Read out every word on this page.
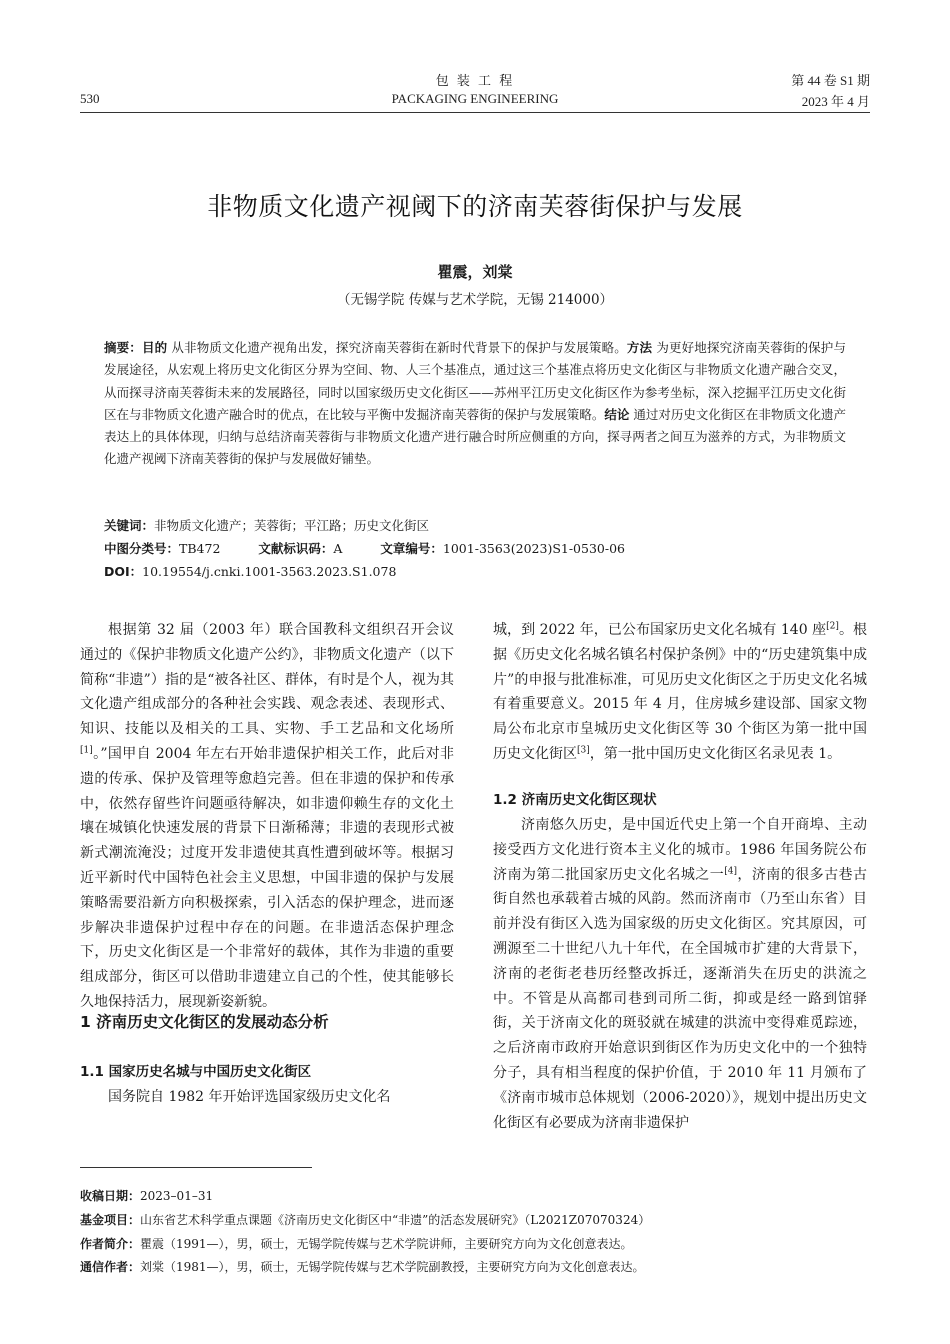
包 装 工 程	第 44 卷 S1 期
530	PACKAGING ENGINEERING	2023 年 4 月
非物质文化遗产视阈下的济南芙蓉街保护与发展
瞿震，刘棠
（无锡学院 传媒与艺术学院，无锡 214000）
摘要：目的 从非物质文化遗产视角出发，探究济南芙蓉街在新时代背景下的保护与发展策略。方法 为更好地探究济南芙蓉街的保护与发展途径，从宏观上将历史文化街区分界为空间、物、人三个基准点，通过这三个基准点将历史文化街区与非物质文化遗产融合交叉，从而探寻济南芙蓉街未来的发展路径，同时以国家级历史文化街区——苏州平江历史文化街区作为参考坐标，深入挖掘平江历史文化街区在与非物质文化遗产融合时的优点，在比较与平衡中发掘济南芙蓉街的保护与发展策略。结论 通过对历史文化街区在非物质文化遗产表达上的具体体现，归纳与总结济南芙蓉街与非物质文化遗产进行融合时所应侧重的方向，探寻两者之间互为滋养的方式，为非物质文化遗产视阈下济南芙蓉街的保护与发展做好铺垫。
关键词：非物质文化遗产；芙蓉街；平江路；历史文化街区
中图分类号：TB472	文献标识码：A	文章编号：1001-3563(2023)S1-0530-06
DOI：10.19554/j.cnki.1001-3563.2023.S1.078

根据第 32 届（2003 年）联合国教科文组织召开会议通过的《保护非物质文化遗产公约》，非物质文化遗产（以下简称“非遗”）指的是“被各社区、群体，有时是个人，视为其文化遗产组成部分的各种社会实践、观念表述、表现形式、知识、技能以及相关的工具、实物、手工艺品和文化场所[1]。”国甲自 2004 年左右开始非遗保护相关工作，此后对非遗的传承、保护及管理等愈趋完善。但在非遗的保护和传承中，依然存留些许问题亟待解决，如非遗仰赖生存的文化土壤在城镇化快速发展的背景下日渐稀薄；非遗的表现形式被新式潮流淹没；过度开发非遗使其真性遭到破坏等。根据习近平新时代中国特色社会主义思想，中国非遗的保护与发展策略需要沿新方向积极探索，引入活态的保护理念，进而逐步解决非遗保护过程中存在的问题。在非遗活态保护理念下，历史文化街区是一个非常好的载体，其作为非遗的重要组成部分，街区可以借助非遗建立自己的个性，使其能够长久地保持活力，展现新姿新貌。

1 济南历史文化街区的发展动态分析
1.1 国家历史名城与中国历史文化街区

国务院自 1982 年开始评选国家级历史文化名

城，到 2022 年，已公布国家历史文化名城有 140 座[2]。根据《历史文化名城名镇名村保护条例》中的“历史建筑集中成片”的申报与批准标准，可见历史文化街区之于历史文化名城有着重要意义。2015 年 4 月，住房城乡建设部、国家文物局公布北京市皇城历史文化街区等 30 个街区为第一批中国历史文化街区[3]，第一批中国历史文化街区名录见表 1。

1.2 济南历史文化街区现状

济南悠久历史，是中国近代史上第一个自开商埠、主动接受西方文化进行资本主义化的城市。1986 年国务院公布济南为第二批国家历史文化名城之一[4]，济南的很多古巷古街自然也承载着古城的风韵。然而济南市（乃至山东省）目前并没有街区入选为国家级的历史文化街区。究其原因，可溯源至二十世纪八九十年代，在全国城市扩建的大背景下，济南的老街老巷历经整改拆迁，逐渐消失在历史的洪流之中。不管是从高都司巷到司所二街，抑或是经一路到馆驿街，关于济南文化的斑驳就在城建的洪流中变得难觅踪迹，之后济南市政府开始意识到街区作为历史文化中的一个独特分子，具有相当程度的保护价值，于 2010 年 11 月颁布了《济南市城市总体规划（2006-2020）》，规划中提出历史文化街区有必要成为济南非遗保护

收稿日期：2023–01–31
基金项目：山东省艺术科学重点课题《济南历史文化街区中“非遗”的活态发展研究》（L2021Z07070324）
作者简介：瞿震（1991—），男，硕士，无锡学院传媒与艺术学院讲师，主要研究方向为文化创意表达。
通信作者：刘棠（1981—），男，硕士，无锡学院传媒与艺术学院副教授，主要研究方向为文化创意表达。
